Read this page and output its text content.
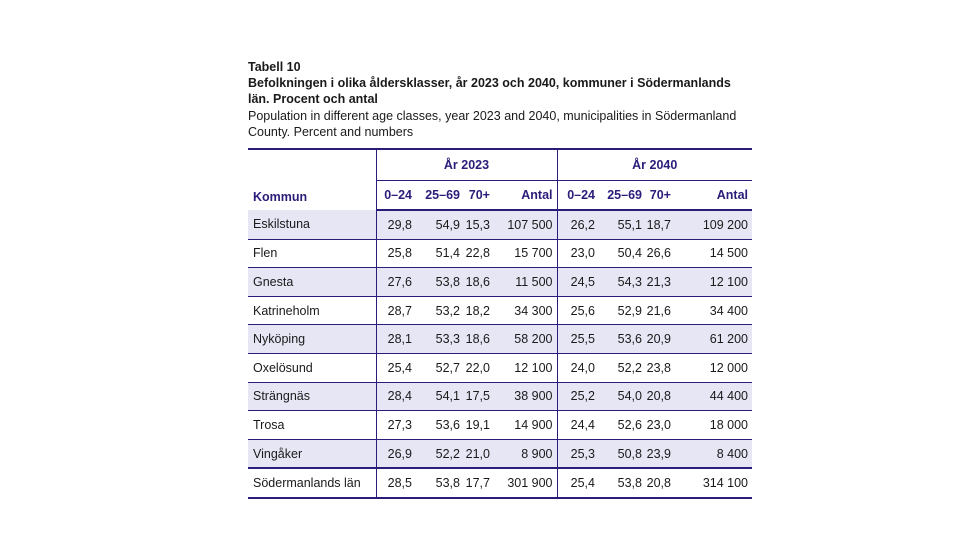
Tabell 10
Befolkningen i olika åldersklasser, år 2023 och 2040, kommuner i Södermanlands län. Procent och antal
Population in different age classes, year 2023 and 2040, municipalities in Södermanland County. Percent and numbers
Kommun	År 2023				År 2040			
	0–24	25–69	70+	Antal	0–24	25–69	70+	Antal
Eskilstuna	29,8	54,9	15,3	107 500	26,2	55,1	18,7	109 200
Flen	25,8	51,4	22,8	15 700	23,0	50,4	26,6	14 500
Gnesta	27,6	53,8	18,6	11 500	24,5	54,3	21,3	12 100
Katrineholm	28,7	53,2	18,2	34 300	25,6	52,9	21,6	34 400
Nyköping	28,1	53,3	18,6	58 200	25,5	53,6	20,9	61 200
Oxelösund	25,4	52,7	22,0	12 100	24,0	52,2	23,8	12 000
Strängnäs	28,4	54,1	17,5	38 900	25,2	54,0	20,8	44 400
Trosa	27,3	53,6	19,1	14 900	24,4	52,6	23,0	18 000
Vingåker	26,9	52,2	21,0	8 900	25,3	50,8	23,9	8 400
Södermanlands län	28,5	53,8	17,7	301 900	25,4	53,8	20,8	314 100
